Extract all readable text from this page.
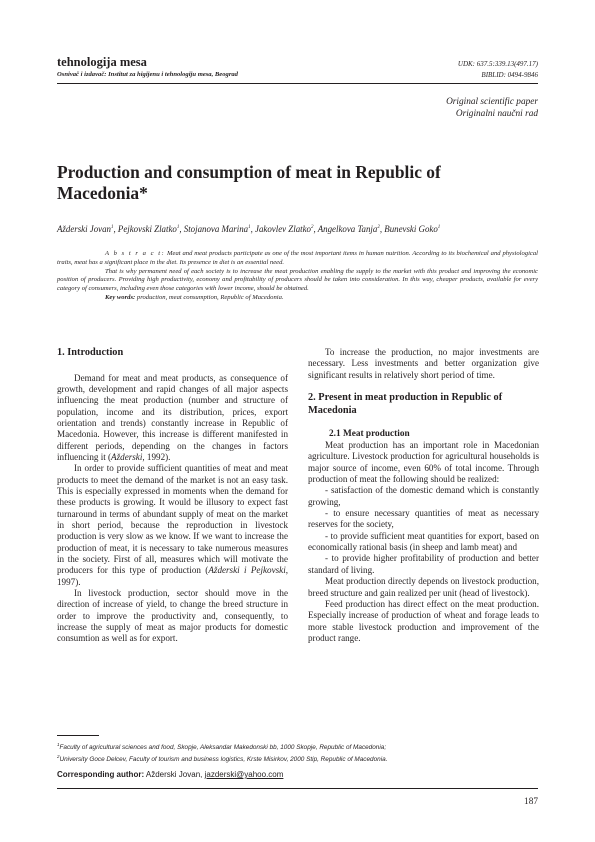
tehnologija mesa
Osnivač i izdavač: Institut za higijenu i tehnologiju mesa, Beograd
UDK: 637.5:339.13(497.17)
BIBLID: 0494-9846
Original scientific paper
Originalni naučni rad
Production and consumption of meat in Republic of Macedonia*
Ažderski Jovan$^1$, Pejkovski Zlatko$^1$, Stojanova Marina$^1$, Jakovlev Zlatko$^2$, Angelkova Tanja$^2$, Bunevski Goko$^1$

A b s t r a c t: Meat and meat products participate as one of the most important items in human nutrition. According to its biochemical and physiological traits, meat has a significant place in the diet. Its presence in diet is an essential need.

That is why permanent need of each society is to increase the meat production enabling the supply to the market with this product and improving the economic position of producers. Providing high productivity, economy and profitability of producers should be taken into consideration. In this way, cheaper products, available for every category of consumers, including even those categories with lower income, should be obtained.

Key words: production, meat consumption, Republic of Macedonia.

1. Introduction

Demand for meat and meat products, as consequence of growth, development and rapid changes of all major aspects influencing the meat production (number and structure of population, income and its distribution, prices, export orientation and trends) constantly increase in Republic of Macedonia. However, this increase is different manifested in different periods, depending on the changes in factors influencing it (Ažderski, 1992).

In order to provide sufficient quantities of meat and meat products to meet the demand of the market is not an easy task. This is especially expressed in moments when the demand for these products is growing. It would be illusory to expect fast turnaround in terms of abundant supply of meat on the market in short period, because the reproduction in livestock production is very slow as we know. If we want to increase the production of meat, it is necessary to take numerous measures in the society. First of all, measures which will motivate the producers for this type of production (Ažderski i Pejkovski, 1997).

In livestock production, sector should move in the direction of increase of yield, to change the breed structure in order to improve the productivity and, consequently, to increase the supply of meat as major products for domestic consumtion as well as for export.

To increase the production, no major investments are necessary. Less investments and better organization give significant results in relatively short period of time.

2. Present in meat production in Republic of Macedonia
2.1 Meat production

Meat production has an important role in Macedonian agriculture. Livestock production for agricultural households is major source of income, even 60% of total income. Through production of meat the following should be realized:

- satisfaction of the domestic demand which is constantly growing,

- to ensure necessary quantities of meat as necessary reserves for the society,

- to provide sufficient meat quantities for export, based on economically rational basis (in sheep and lamb meat) and

- to provide higher profitability of production and better standard of living.

Meat production directly depends on livestock production, breed structure and gain realized per unit (head of livestock).

Feed production has direct effect on the meat production. Especially increase of production of wheat and forage leads to more stable livestock production and improvement of the product range.

$^1$Faculty of agricultural sciences and food, Skopje, Aleksandar Makedonski bb, 1000 Skopje, Republic of Macedonia;
$^2$University Goce Delcev, Faculty of tourism and business logistics, Krste Misirkov, 2000 Stip, Republic of Macedonia.
Corresponding author: Ažderski Jovan, jazderski@yahoo.com
187
